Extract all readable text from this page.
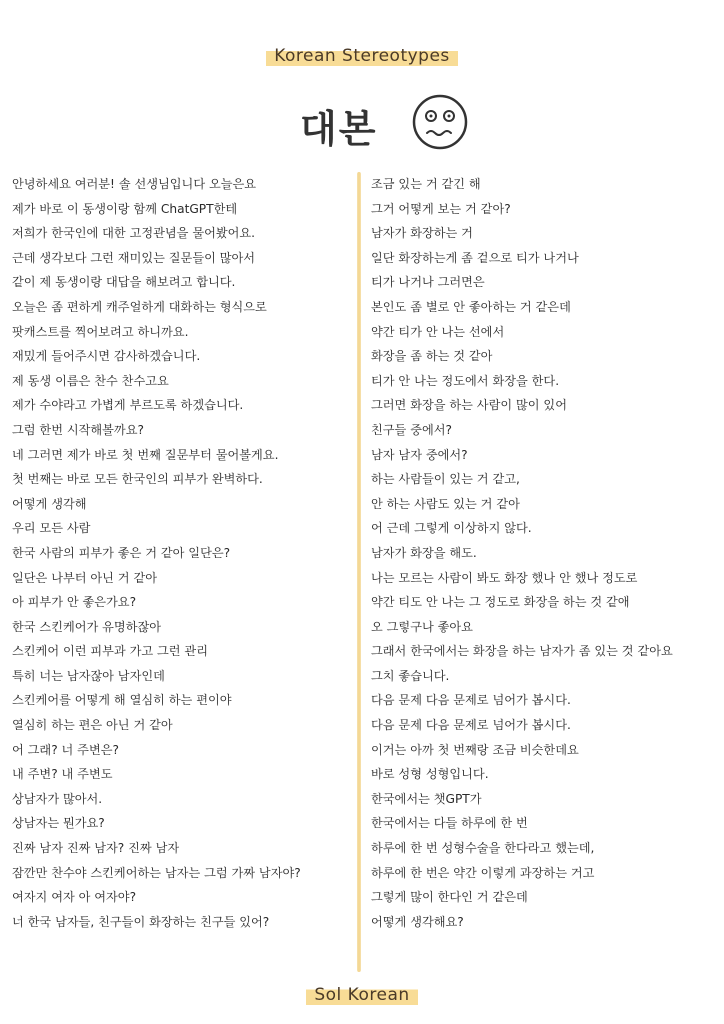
Korean Stereotypes
대본
안녕하세요 여러분! 솔 선생님입니다 오늘은요
제가 바로 이 동생이랑 함께 ChatGPT한테
저희가 한국인에 대한 고정관념을 물어봤어요.
근데 생각보다 그런 재미있는 질문들이 많아서
같이 제 동생이랑 대답을 해보려고 합니다.
오늘은 좀 편하게 캐주얼하게 대화하는 형식으로
팟캐스트를 찍어보려고 하니까요.
재밌게 들어주시면 감사하겠습니다.
제 동생 이름은 찬수 찬수고요
제가 수야라고 가볍게 부르도록 하겠습니다.
그럼 한번 시작해볼까요?
네 그러면 제가 바로 첫 번째 질문부터 물어볼게요.
첫 번째는 바로 모든 한국인의 피부가 완벽하다.
어떻게 생각해
우리 모든 사람
한국 사람의 피부가 좋은 거 같아 일단은?
일단은 나부터 아닌 거 같아
아 피부가 안 좋은가요?
한국 스킨케어가 유명하잖아
스킨케어 이런 피부과 가고 그런 관리
특히 너는 남자잖아 남자인데
스킨케어를 어떻게 해 열심히 하는 편이야
열심히 하는 편은 아닌 거 같아
어 그래? 너 주변은?
내 주변? 내 주변도
상남자가 많아서.
상남자는 뭔가요?
진짜 남자 진짜 남자? 진짜 남자
잠깐만 찬수야 스킨케어하는 남자는 그럼 가짜 남자야?
여자지 여자 아 여자야?
너 한국 남자들, 친구들이 화장하는 친구들 있어?
조금 있는 거 같긴 해
그거 어떻게 보는 거 같아?
남자가 화장하는 거
일단 화장하는게 좀 겉으로 티가 나거나
티가 나거나 그러면은
본인도 좀 별로 안 좋아하는 거 같은데
약간 티가 안 나는 선에서
화장을 좀 하는 것 같아
티가 안 나는 정도에서 화장을 한다.
그러면 화장을 하는 사람이 많이 있어
친구들 중에서?
남자 남자 중에서?
하는 사람들이 있는 거 같고,
안 하는 사람도 있는 거 같아
어 근데 그렇게 이상하지 않다.
남자가 화장을 해도.
나는 모르는 사람이 봐도 화장 했나 안 했나 정도로
약간 티도 안 나는 그 정도로 화장을 하는 것 같애
오 그렇구나 좋아요
그래서 한국에서는 화장을 하는 남자가 좀 있는 것 같아요
그치 좋습니다.
다음 문제 다음 문제로 넘어가 봅시다.
다음 문제 다음 문제로 넘어가 봅시다.
이거는 아까 첫 번째랑 조금 비슷한데요
바로 성형 성형입니다.
한국에서는 챗GPT가
한국에서는 다들 하루에 한 번
하루에 한 번 성형수술을 한다라고 했는데,
하루에 한 번은 약간 이렇게 과장하는 거고
그렇게 많이 한다인 거 같은데
어떻게 생각해요?
Sol Korean
